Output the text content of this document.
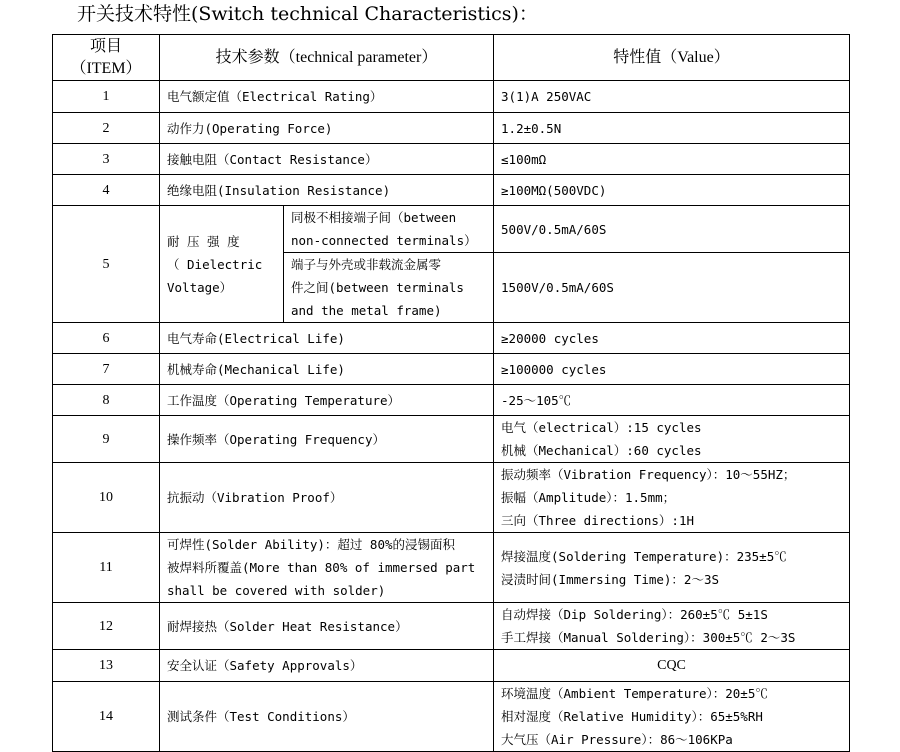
开关技术特性(Switch technical Characteristics)：
项目
（ITEM）	技术参数（technical parameter）		特性值（Value）
1	电气额定值（Electrical Rating）		3(1)A 250VAC
2	动作力(Operating Force)		1.2±0.5N
3	接触电阻（Contact Resistance）		≤100mΩ
4	绝缘电阻(Insulation Resistance)		≥100MΩ(500VDC)
5	耐 压 强 度
（ Dielectric
Voltage）	同极不相接端子间（between
non-connected terminals）	500V/0.5mA/60S
		端子与外壳或非载流金属零
件之间(between terminals
and the metal frame)	1500V/0.5mA/60S
6	电气寿命(Electrical Life)		≥20000 cycles
7	机械寿命(Mechanical Life)		≥100000 cycles
8	工作温度（Operating Temperature）		-25～105℃
9	操作频率（Operating Frequency）		电气（electrical）:15 cycles
机械（Mechanical）:60 cycles
10	抗振动（Vibration Proof）		振动频率（Vibration Frequency）：10～55HZ；
振幅（Amplitude）：1.5mm；
三向（Three directions）:1H
11	可焊性(Solder Ability)：超过 80%的浸锡面积
被焊料所覆盖(More than 80% of immersed part
shall be covered with solder)		焊接温度(Soldering Temperature)：235±5℃
浸渍时间(Immersing Time)：2～3S
12	耐焊接热（Solder Heat Resistance）		自动焊接（Dip Soldering）：260±5℃ 5±1S
手工焊接（Manual Soldering）：300±5℃ 2～3S
13	安全认证（Safety Approvals）		CQC
14	测试条件（Test Conditions）		环境温度（Ambient Temperature）：20±5℃
相对湿度（Relative Humidity）：65±5%RH
大气压（Air Pressure）：86～106KPa
